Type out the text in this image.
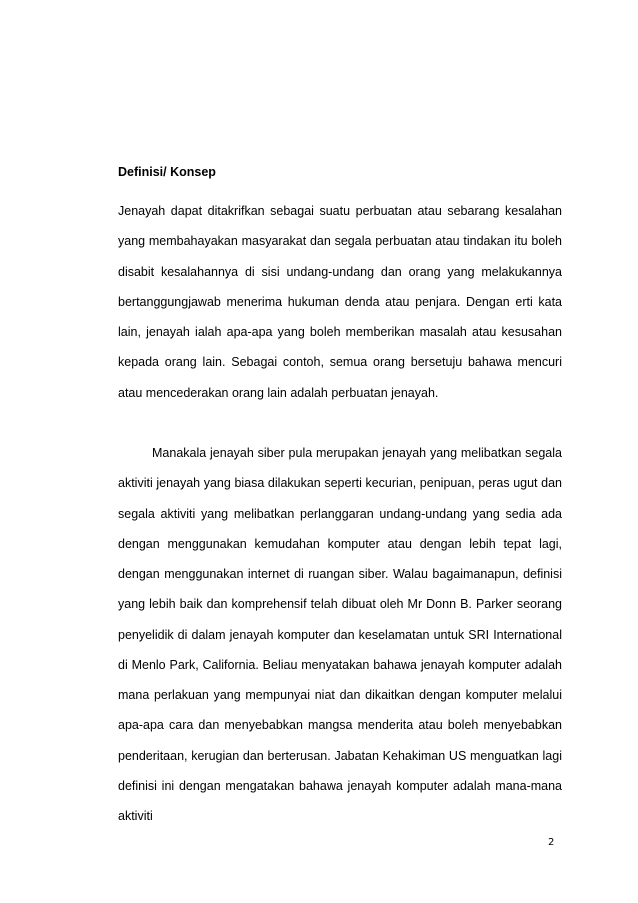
Definisi/ Konsep

Jenayah dapat ditakrifkan sebagai suatu perbuatan atau sebarang kesalahan yang membahayakan masyarakat dan segala perbuatan atau tindakan itu boleh disabit kesalahannya di sisi undang-undang dan orang yang melakukannya bertanggungjawab menerima hukuman denda atau penjara. Dengan erti kata lain, jenayah ialah apa-apa yang boleh memberikan masalah atau kesusahan kepada orang lain. Sebagai contoh, semua orang bersetuju bahawa mencuri atau mencederakan orang lain adalah perbuatan jenayah.

Manakala jenayah siber pula merupakan jenayah yang melibatkan segala aktiviti jenayah yang biasa dilakukan seperti kecurian, penipuan, peras ugut dan segala aktiviti yang melibatkan perlanggaran undang-undang yang sedia ada dengan menggunakan kemudahan komputer atau dengan lebih tepat lagi, dengan menggunakan internet di ruangan siber. Walau bagaimanapun, definisi yang lebih baik dan komprehensif telah dibuat oleh Mr Donn B. Parker seorang penyelidik di dalam jenayah komputer dan keselamatan untuk SRI International di Menlo Park, California. Beliau menyatakan bahawa jenayah komputer adalah mana perlakuan yang mempunyai niat dan dikaitkan dengan komputer melalui apa-apa cara dan menyebabkan mangsa menderita atau boleh menyebabkan penderitaan, kerugian dan berterusan. Jabatan Kehakiman US menguatkan lagi definisi ini dengan mengatakan bahawa jenayah komputer adalah mana-mana aktiviti

2
